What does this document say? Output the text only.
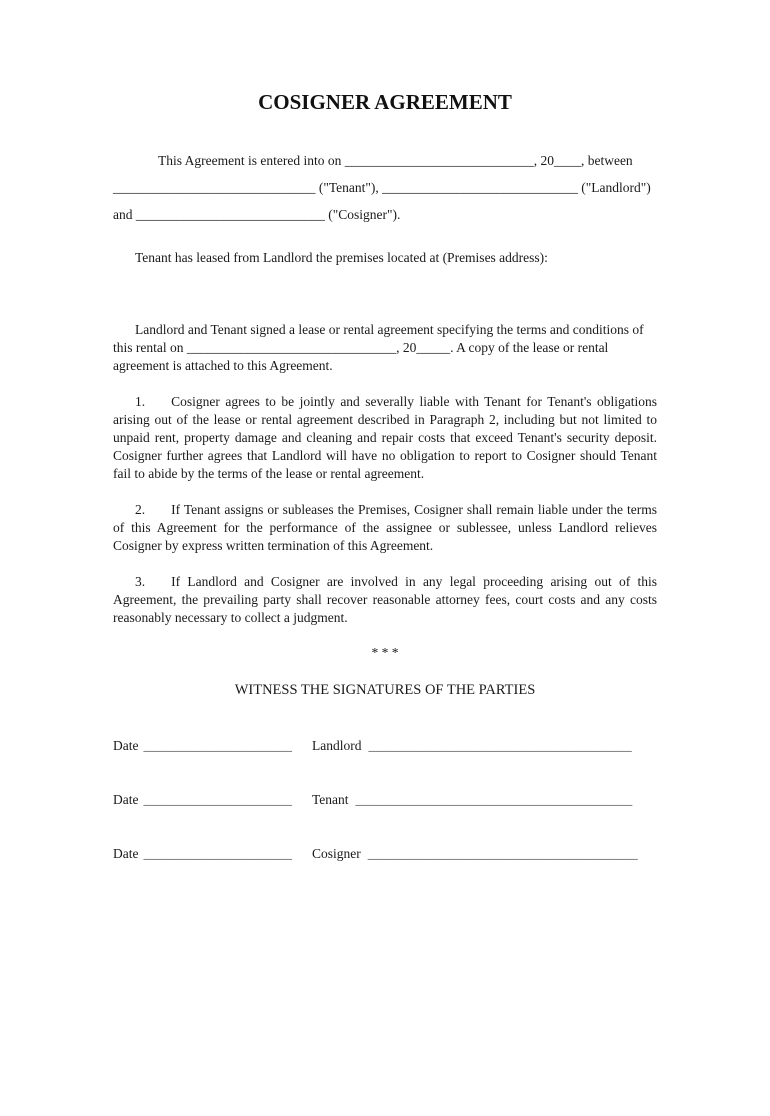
COSIGNER AGREEMENT

This Agreement is entered into on ____________________________, 20____, between ______________________________ ("Tenant"), _____________________________ ("Landlord") and ____________________________ ("Cosigner").

Tenant has leased from Landlord the premises located at (Premises address):

Landlord and Tenant signed a lease or rental agreement specifying the terms and conditions of this rental on _______________________________, 20_____. A copy of the lease or rental agreement is attached to this Agreement.

1. Cosigner agrees to be jointly and severally liable with Tenant for Tenant's obligations arising out of the lease or rental agreement described in Paragraph 2, including but not limited to unpaid rent, property damage and cleaning and repair costs that exceed Tenant's security deposit. Cosigner further agrees that Landlord will have no obligation to report to Cosigner should Tenant fail to abide by the terms of the lease or rental agreement.

2. If Tenant assigns or subleases the Premises, Cosigner shall remain liable under the terms of this Agreement for the performance of the assignee or sublessee, unless Landlord relieves Cosigner by express written termination of this Agreement.

3. If Landlord and Cosigner are involved in any legal proceeding arising out of this Agreement, the prevailing party shall recover reasonable attorney fees, court costs and any costs reasonably necessary to collect a judgment.

* * *

WITNESS THE SIGNATURES OF THE PARTIES

Date ______________________	Landlord _______________________________________
Date ______________________	Tenant _________________________________________
Date ______________________	Cosigner ________________________________________
